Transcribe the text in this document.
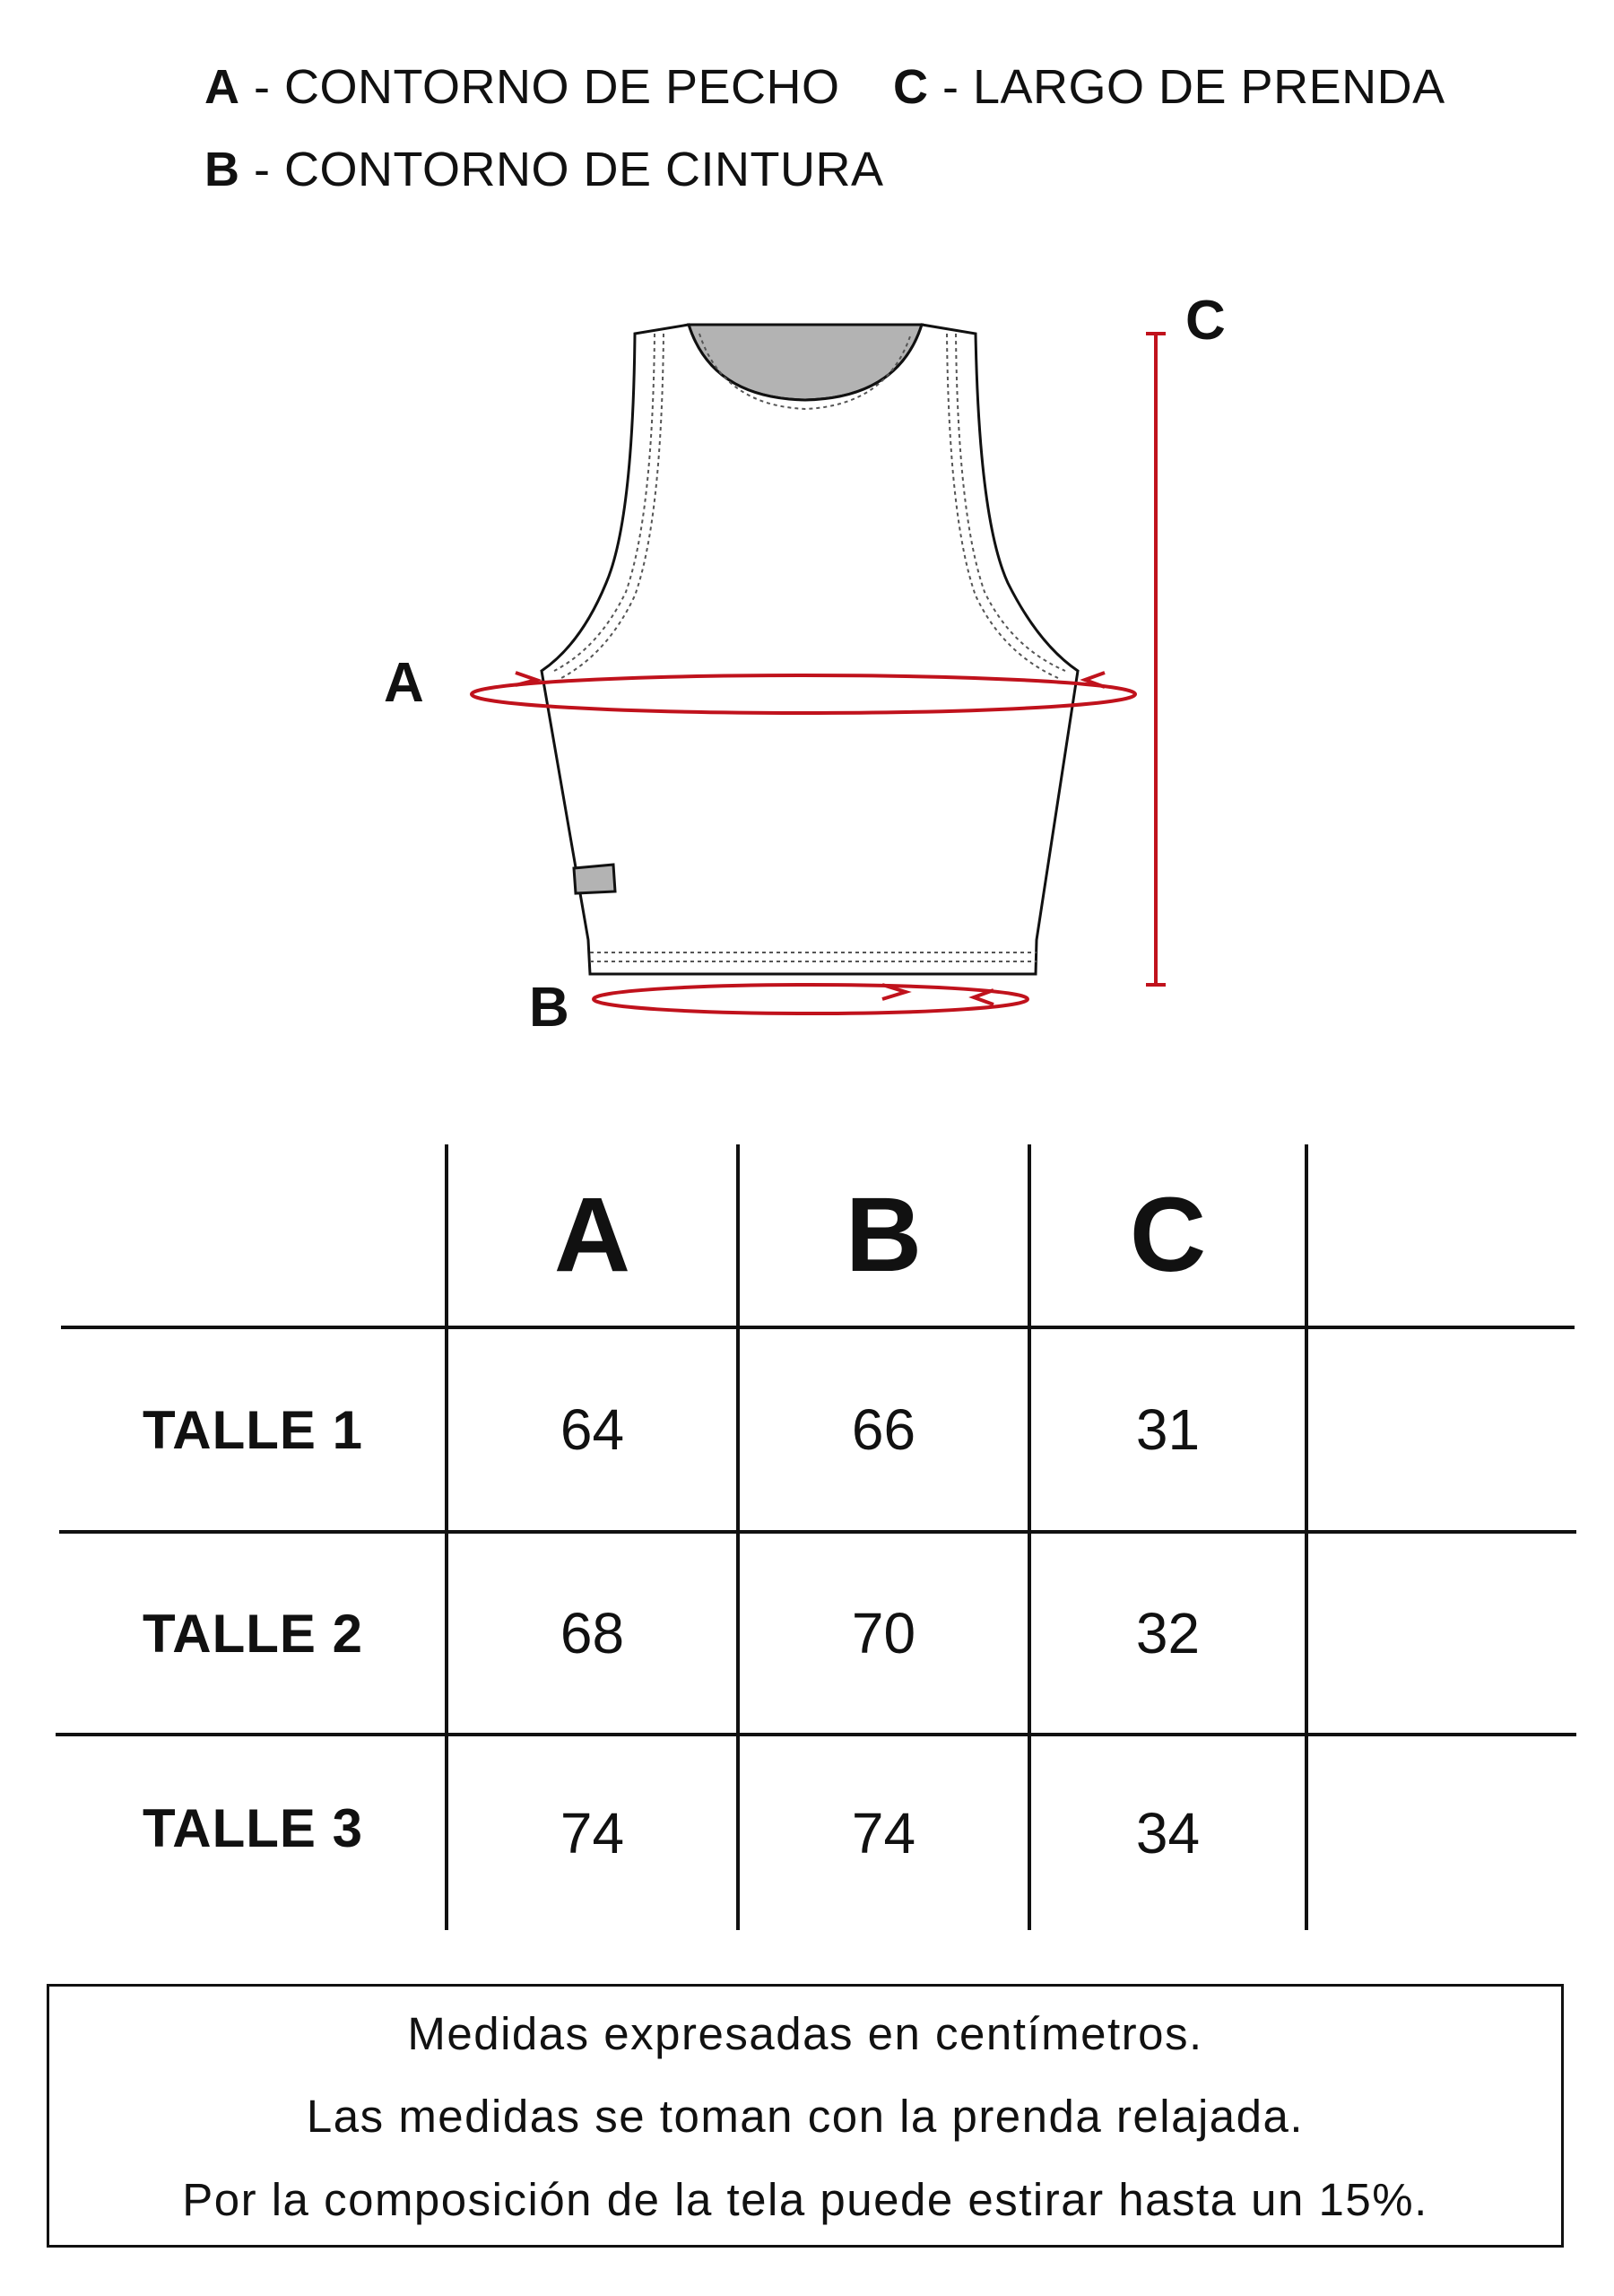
A - CONTORNO DE PECHO C - LARGO DE PRENDA
B - CONTORNO DE CINTURA
A
B
C
A	B	C
TALLE 1	64	66	31
TALLE 2	68	70	32
TALLE 3	74	74	34
Medidas expresadas en centímetros.
Las medidas se toman con la prenda relajada.
Por la composición de la tela puede estirar hasta un 15%.
